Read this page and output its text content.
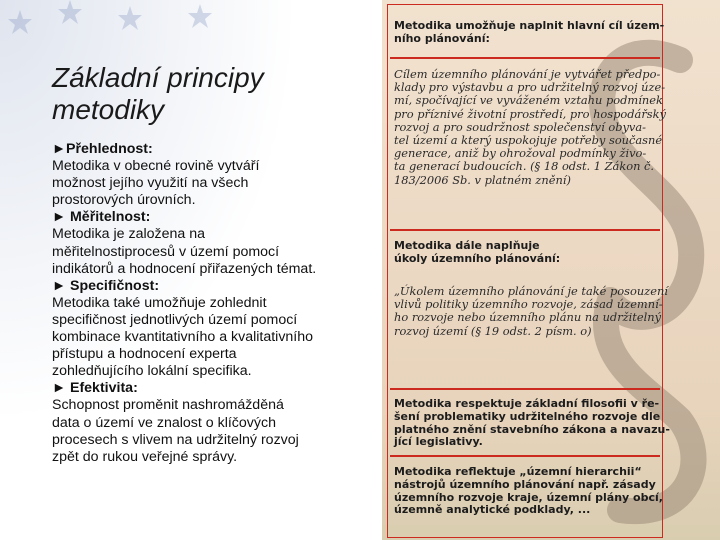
Základní principy
metodiky
►Přehlednost:
Metodika v obecné rovině vytváří
možnost jejího využití na všech
prostorových úrovních.
► Měřitelnost:
Metodika je založena na
měřitelnostiprocesů v území pomocí
indikátorů a hodnocení přiřazených témat.
► Specifičnost:
Metodika také umožňuje zohlednit
specifičnost jednotlivých území pomocí
kombinace kvantitativního a kvalitativního
přístupu a hodnocení experta
zohledňujícího lokální specifika.
► Efektivita:
Schopnost proměnit nashromážděná
data o území ve znalost o klíčových
procesech s vlivem na udržitelný rozvoj
zpět do rukou veřejné správy.
Metodika umožňuje naplnit hlavní cíl územ-
ního plánování:
Cílem územního plánování je vytvářet předpo-
klady pro výstavbu a pro udržitelný rozvoj úze-
mí, spočívající ve vyváženém vztahu podmínek
pro příznivé životní prostředí, pro hospodářský
rozvoj a pro soudržnost společenství obyva-
tel území a který uspokojuje potřeby současné
generace, aniž by ohrožoval podmínky živo-
ta generací budoucích. (§ 18 odst. 1 Zákon č.
183/2006 Sb. v platném znění)
Metodika dále naplňuje
úkoly územního plánování:
„Úkolem územního plánování je také posouzení
vlivů politiky územního rozvoje, zásad územní-
ho rozvoje nebo územního plánu na udržitelný
rozvoj území (§ 19 odst. 2 písm. o)
Metodika respektuje základní filosofii v ře-
šení problematiky udržitelného rozvoje dle
platného znění stavebního zákona a navazu-
jící legislativy.
Metodika reflektuje „územní hierarchii“
nástrojů územního plánování např. zásady
územního rozvoje kraje, územní plány obcí,
územně analytické podklady, ...
